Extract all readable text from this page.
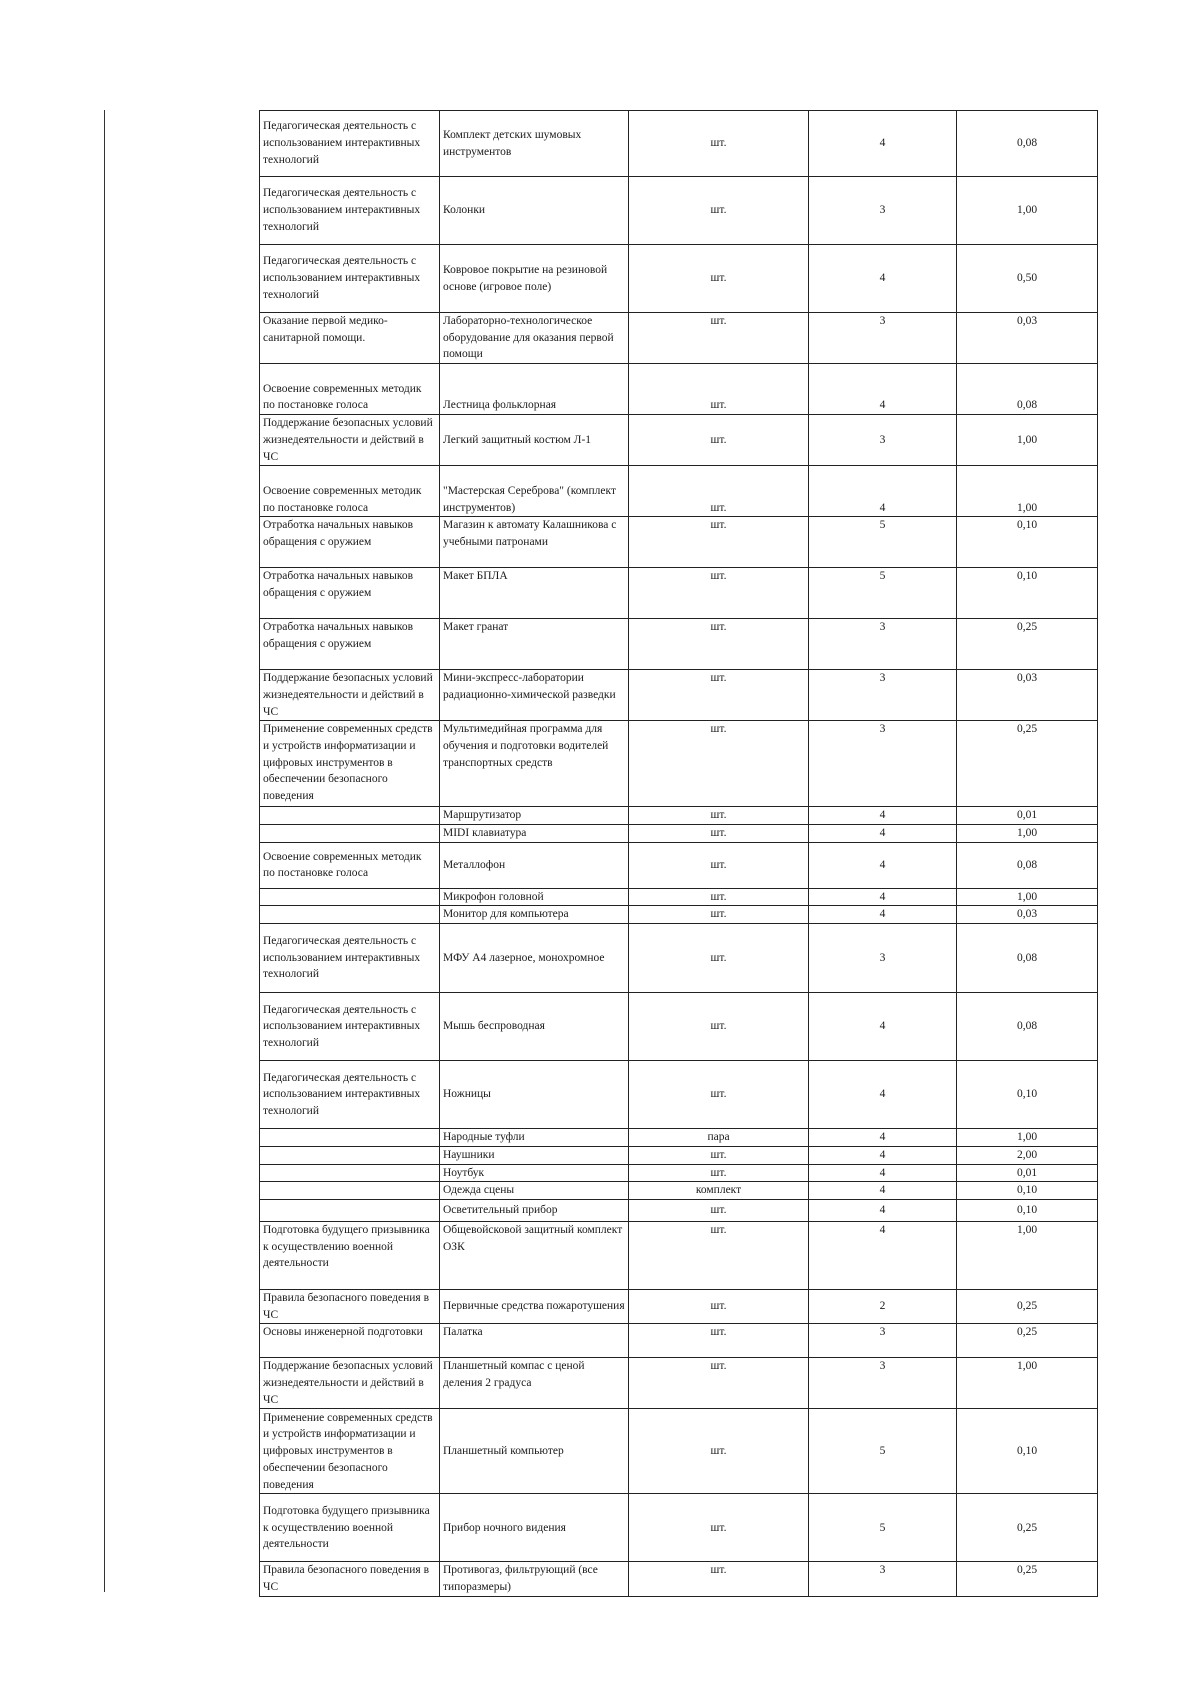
Педагогическая деятельность с использованием интерактивных технологий	Комплект детских шумовых инструментов	шт.	4	0,08
Педагогическая деятельность с использованием интерактивных технологий	Колонки	шт.	3	1,00
Педагогическая деятельность с использованием интерактивных технологий	Ковровое покрытие на резиновой основе (игровое поле)	шт.	4	0,50
Оказание первой медико-санитарной помощи.	Лабораторно-технологическое оборудование для оказания первой помощи	шт.	3	0,03
Освоение современных методик по постановке голоса	Лестница фольклорная	шт.	4	0,08
Поддержание безопасных условий жизнедеятельности и действий в ЧС	Легкий защитный костюм Л-1	шт.	3	1,00
Освоение современных методик по постановке голоса	"Мастерская Сереброва" (комплект инструментов)	шт.	4	1,00
Отработка начальных навыков обращения с оружием	Магазин к автомату Калашникова с учебными патронами	шт.	5	0,10
Отработка начальных навыков обращения с оружием	Макет БПЛА	шт.	5	0,10
Отработка начальных навыков обращения с оружием	Макет гранат	шт.	3	0,25
Поддержание безопасных условий жизнедеятельности и действий в ЧС	Мини-экспресс-лаборатории радиационно-химической разведки	шт.	3	0,03
Применение современных средств и устройств информатизации и цифровых инструментов в обеспечении безопасного поведения	Мультимедийная программа для обучения и подготовки водителей транспортных средств	шт.	3	0,25
	Маршрутизатор	шт.	4	0,01
	MIDI клавиатура	шт.	4	1,00
Освоение современных методик по постановке голоса	Металлофон	шт.	4	0,08
	Микрофон головной	шт.	4	1,00
	Монитор для компьютера	шт.	4	0,03
Педагогическая деятельность с использованием интерактивных технологий	МФУ А4 лазерное, монохромное	шт.	3	0,08
Педагогическая деятельность с использованием интерактивных технологий	Мышь беспроводная	шт.	4	0,08
Педагогическая деятельность с использованием интерактивных технологий	Ножницы	шт.	4	0,10
	Народные туфли	пара	4	1,00
	Наушники	шт.	4	2,00
	Ноутбук	шт.	4	0,01
	Одежда сцены	комплект	4	0,10
	Осветительный прибор	шт.	4	0,10
Подготовка будущего призывника к осуществлению военной деятельности	Общевойсковой защитный комплект ОЗК	шт.	4	1,00
Правила безопасного поведения в ЧС	Первичные средства пожаротушения	шт.	2	0,25
Основы инженерной подготовки	Палатка	шт.	3	0,25
Поддержание безопасных условий жизнедеятельности и действий в ЧС	Планшетный компас с ценой деления 2 градуса	шт.	3	1,00
Применение современных средств и устройств информатизации и цифровых инструментов в обеспечении безопасного поведения	Планшетный компьютер	шт.	5	0,10
Подготовка будущего призывника к осуществлению военной деятельности	Прибор ночного видения	шт.	5	0,25
Правила безопасного поведения в ЧС	Противогаз, фильтрующий (все типоразмеры)	шт.	3	0,25
